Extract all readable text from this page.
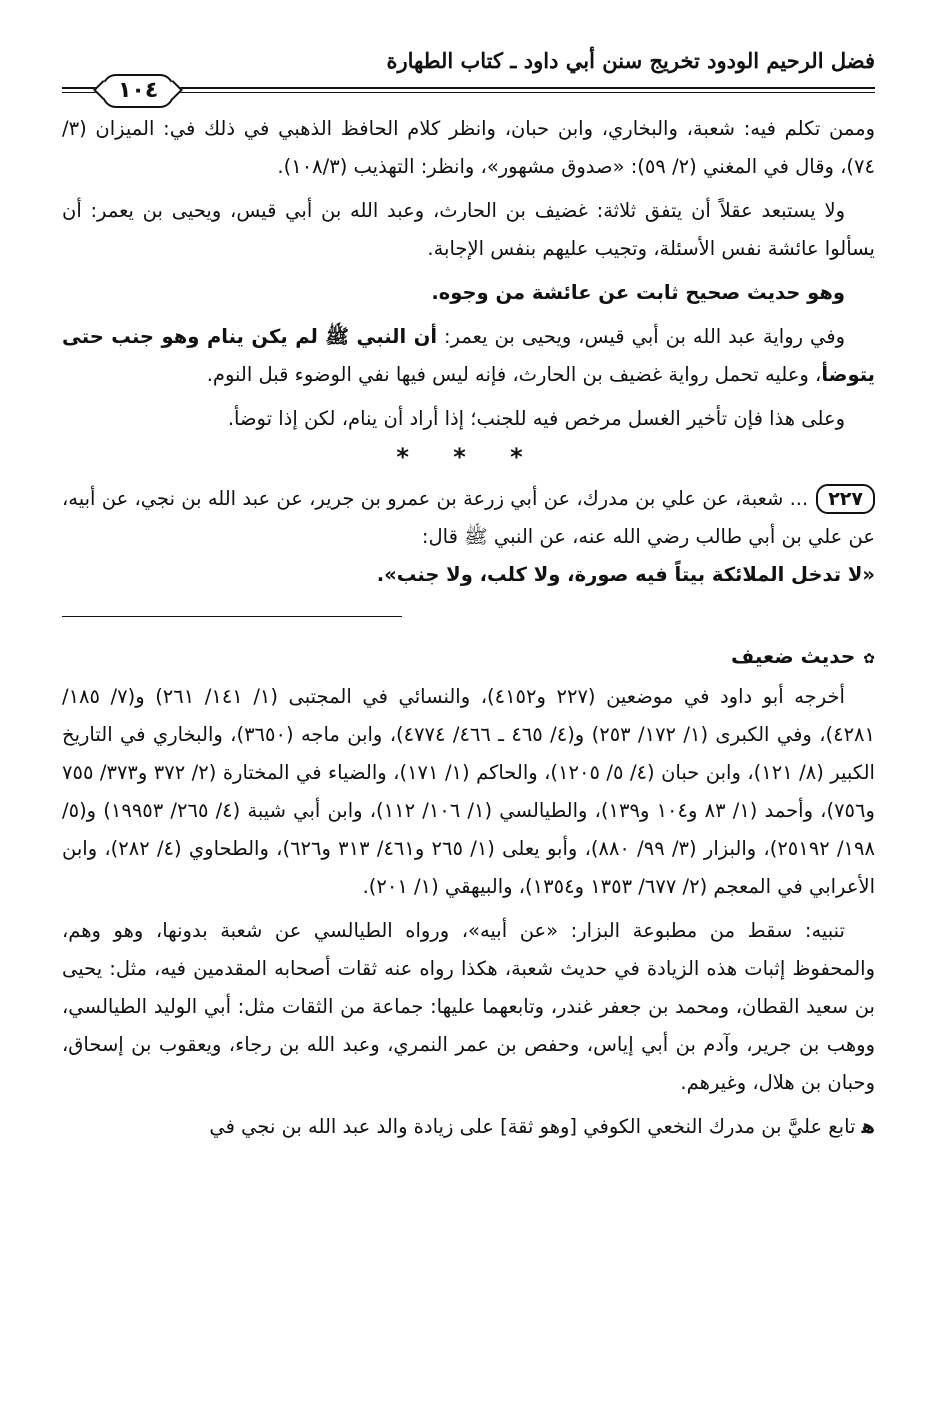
فضل الرحيم الودود تخريج سنن أبي داود ـ كتاب الطهارة
١٠٤

وممن تكلم فيه: شعبة، والبخاري، وابن حبان، وانظر كلام الحافظ الذهبي في ذلك في: الميزان (٣/ ٧٤)، وقال في المغني (٢/ ٥٩): «صدوق مشهور»، وانظر: التهذيب (١٠٨/٣).

ولا يستبعد عقلاً أن يتفق ثلاثة: غضيف بن الحارث، وعبد الله بن أبي قيس، ويحيى بن يعمر: أن يسألوا عائشة نفس الأسئلة، وتجيب عليهم بنفس الإجابة.

وهو حديث صحيح ثابت عن عائشة من وجوه.

وفي رواية عبد الله بن أبي قيس، ويحيى بن يعمر: أن النبي ﷺ لم يكن ينام وهو جنب حتى يتوضأ، وعليه تحمل رواية غضيف بن الحارث، فإنه ليس فيها نفي الوضوء قبل النوم.

وعلى هذا فإن تأخير الغسل مرخص فيه للجنب؛ إذا أراد أن ينام، لكن إذا توضأ.

* * *

٢٢٧... شعبة، عن علي بن مدرك، عن أبي زرعة بن عمرو بن جرير، عن عبد الله بن نجي، عن أبيه، عن علي بن أبي طالب رضي الله عنه، عن النبي ﷺ قال:

«لا تدخل الملائكة بيتاً فيه صورة، ولا كلب، ولا جنب».

✿حديث ضعيف

أخرجه أبو داود في موضعين (٢٢٧ و٤١٥٢)، والنسائي في المجتبى (١/ ١٤١/ ٢٦١) و(٧/ ١٨٥/ ٤٢٨١)، وفي الكبرى (١/ ١٧٢/ ٢٥٣) و(٤/ ٤٦٥ ـ ٤٦٦/ ٤٧٧٤)، وابن ماجه (٣٦٥٠)، والبخاري في التاريخ الكبير (٨/ ١٢١)، وابن حبان (٤/ ٥/ ١٢٠٥)، والحاكم (١/ ١٧١)، والضياء في المختارة (٢/ ٣٧٢ و٣٧٣/ ٧٥٥ و٧٥٦)، وأحمد (١/ ٨٣ و١٠٤ و١٣٩)، والطيالسي (١/ ١٠٦/ ١١٢)، وابن أبي شيبة (٤/ ٢٦٥/ ١٩٩٥٣) و(٥/ ١٩٨/ ٢٥١٩٢)، والبزار (٣/ ٩٩/ ٨٨٠)، وأبو يعلى (١/ ٢٦٥ و٤٦١/ ٣١٣ و٦٢٦)، والطحاوي (٤/ ٢٨٢)، وابن الأعرابي في المعجم (٢/ ٦٧٧/ ١٣٥٣ و١٣٥٤)، والبيهقي (١/ ٢٠١).

تنبيه: سقط من مطبوعة البزار: «عن أبيه»، ورواه الطيالسي عن شعبة بدونها، وهو وهم، والمحفوظ إثبات هذه الزيادة في حديث شعبة، هكذا رواه عنه ثقات أصحابه المقدمين فيه، مثل: يحيى بن سعيد القطان، ومحمد بن جعفر غندر، وتابعهما عليها: جماعة من الثقات مثل: أبي الوليد الطيالسي، ووهب بن جرير، وآدم بن أبي إياس، وحفص بن عمر النمري، وعبد الله بن رجاء، ويعقوب بن إسحاق، وحبان بن هلال، وغيرهم.

ﻫتابع عليَّ بن مدرك النخعي الكوفي [وهو ثقة] على زيادة والد عبد الله بن نجي في
